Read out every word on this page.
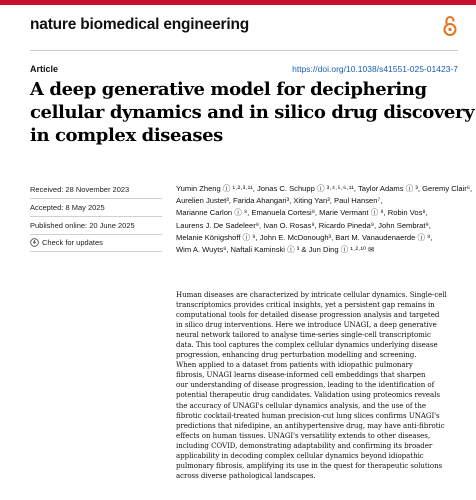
nature biomedical engineering
Article	https://doi.org/10.1038/s41551-025-01423-7
A deep generative model for deciphering
cellular dynamics and in silico drug discovery
in complex diseases
Received: 28 November 2023
Accepted: 8 May 2025
Published online: 20 June 2025
Check for updates
Yumin Zheng ⓘ ¹·²·³·¹¹, Jonas C. Schupp ⓘ ³·⁴·⁵·⁶·¹¹, Taylor Adams ⓘ ³, Geremy Clair⁶,
Aurelien Justet³, Farida Ahangari³, Xiting Yan³, Paul Hansen⁷,
Marianne Carlon ⓘ ⁸, Emanuela Cortesi⁸, Marie Vermant ⓘ ⁸, Robin Vos⁸,
Laurens J. De Sadeleer⁸, Ivan O. Rosas⁹, Ricardo Pineda⁹, John Sembrat⁹,
Melanie Königshoff ⓘ ⁹, John E. McDonough³, Bart M. Vanaudenaerde ⓘ ⁸,
Wim A. Wuyts⁸, Naftali Kaminski ⓘ ³ & Jun Ding ⓘ ¹·²·¹⁰ ✉
Human diseases are characterized by intricate cellular dynamics. Single-cell
transcriptomics provides critical insights, yet a persistent gap remains in
computational tools for detailed disease progression analysis and targeted
in silico drug interventions. Here we introduce UNAGI, a deep generative
neural network tailored to analyse time-series single-cell transcriptomic
data. This tool captures the complex cellular dynamics underlying disease
progression, enhancing drug perturbation modelling and screening.
When applied to a dataset from patients with idiopathic pulmonary
fibrosis, UNAGI learns disease-informed cell embeddings that sharpen
our understanding of disease progression, leading to the identification of
potential therapeutic drug candidates. Validation using proteomics reveals
the accuracy of UNAGI's cellular dynamics analysis, and the use of the
fibrotic cocktail-treated human precision-cut lung slices confirms UNAGI's
predictions that nifedipine, an antihypertensive drug, may have anti-fibrotic
effects on human tissues. UNAGI's versatility extends to other diseases,
including COVID, demonstrating adaptability and confirming its broader
applicability in decoding complex cellular dynamics beyond idiopathic
pulmonary fibrosis, amplifying its use in the quest for therapeutic solutions
across diverse pathological landscapes.
